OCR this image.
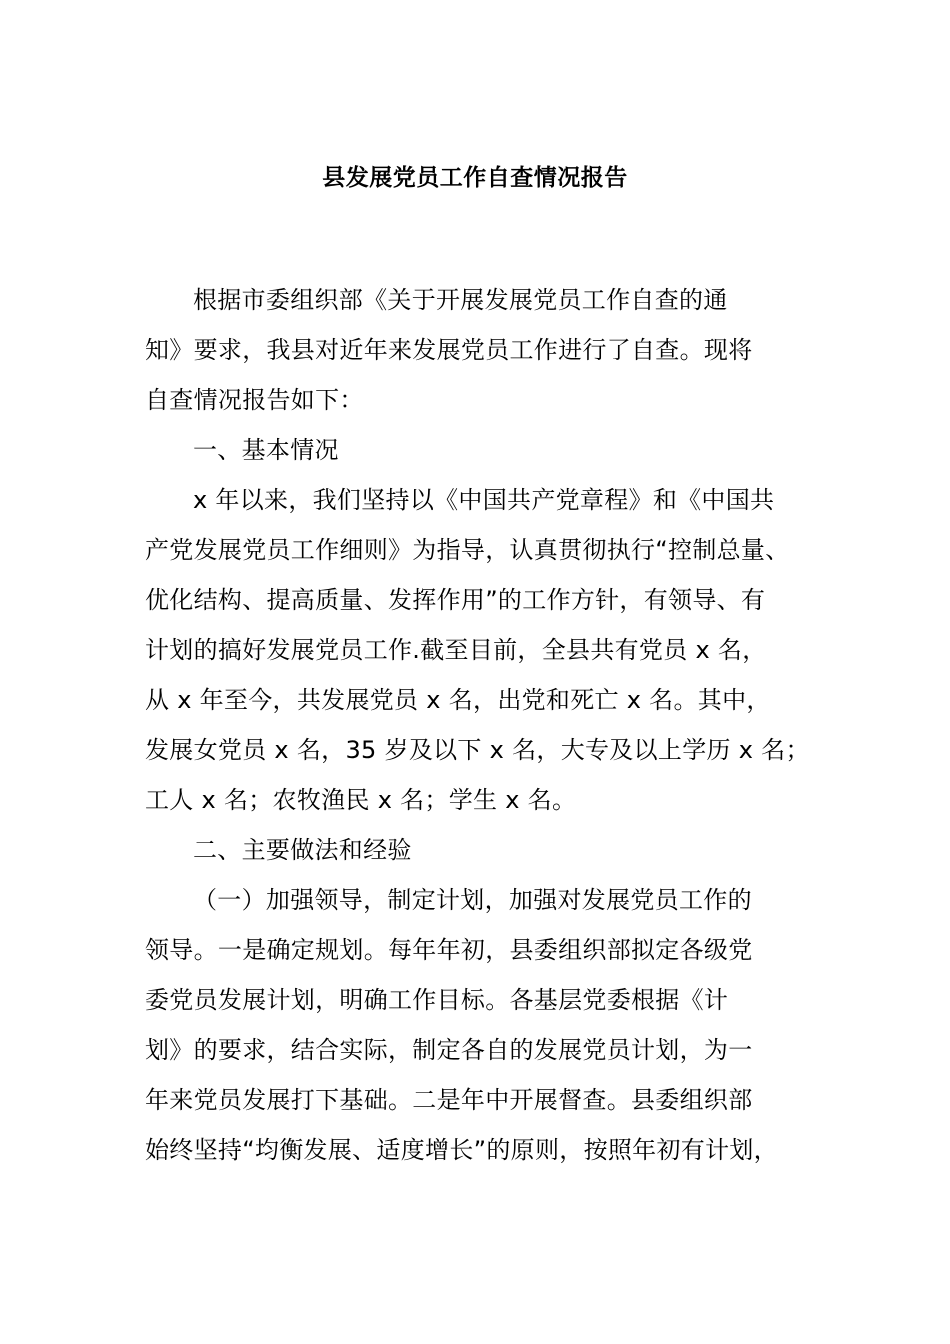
县发展党员工作自查情况报告
根据市委组织部《关于开展发展党员工作自查的通
知》要求，我县对近年来发展党员工作进行了自查。现将
自查情况报告如下：
一、基本情况
x 年以来，我们坚持以《中国共产党章程》和《中国共
产党发展党员工作细则》为指导，认真贯彻执行“控制总量、
优化结构、提高质量、发挥作用”的工作方针，有领导、有
计划的搞好发展党员工作.截至目前，全县共有党员 x 名，
从 x 年至今，共发展党员 x 名，出党和死亡 x 名。其中，
发展女党员 x 名，35 岁及以下 x 名，大专及以上学历 x 名；
工人 x 名；农牧渔民 x 名；学生 x 名。
二、主要做法和经验
（一）加强领导，制定计划，加强对发展党员工作的
领导。一是确定规划。每年年初，县委组织部拟定各级党
委党员发展计划，明确工作目标。各基层党委根据《计
划》的要求，结合实际，制定各自的发展党员计划，为一
年来党员发展打下基础。二是年中开展督查。县委组织部
始终坚持“均衡发展、适度增长”的原则，按照年初有计划，
